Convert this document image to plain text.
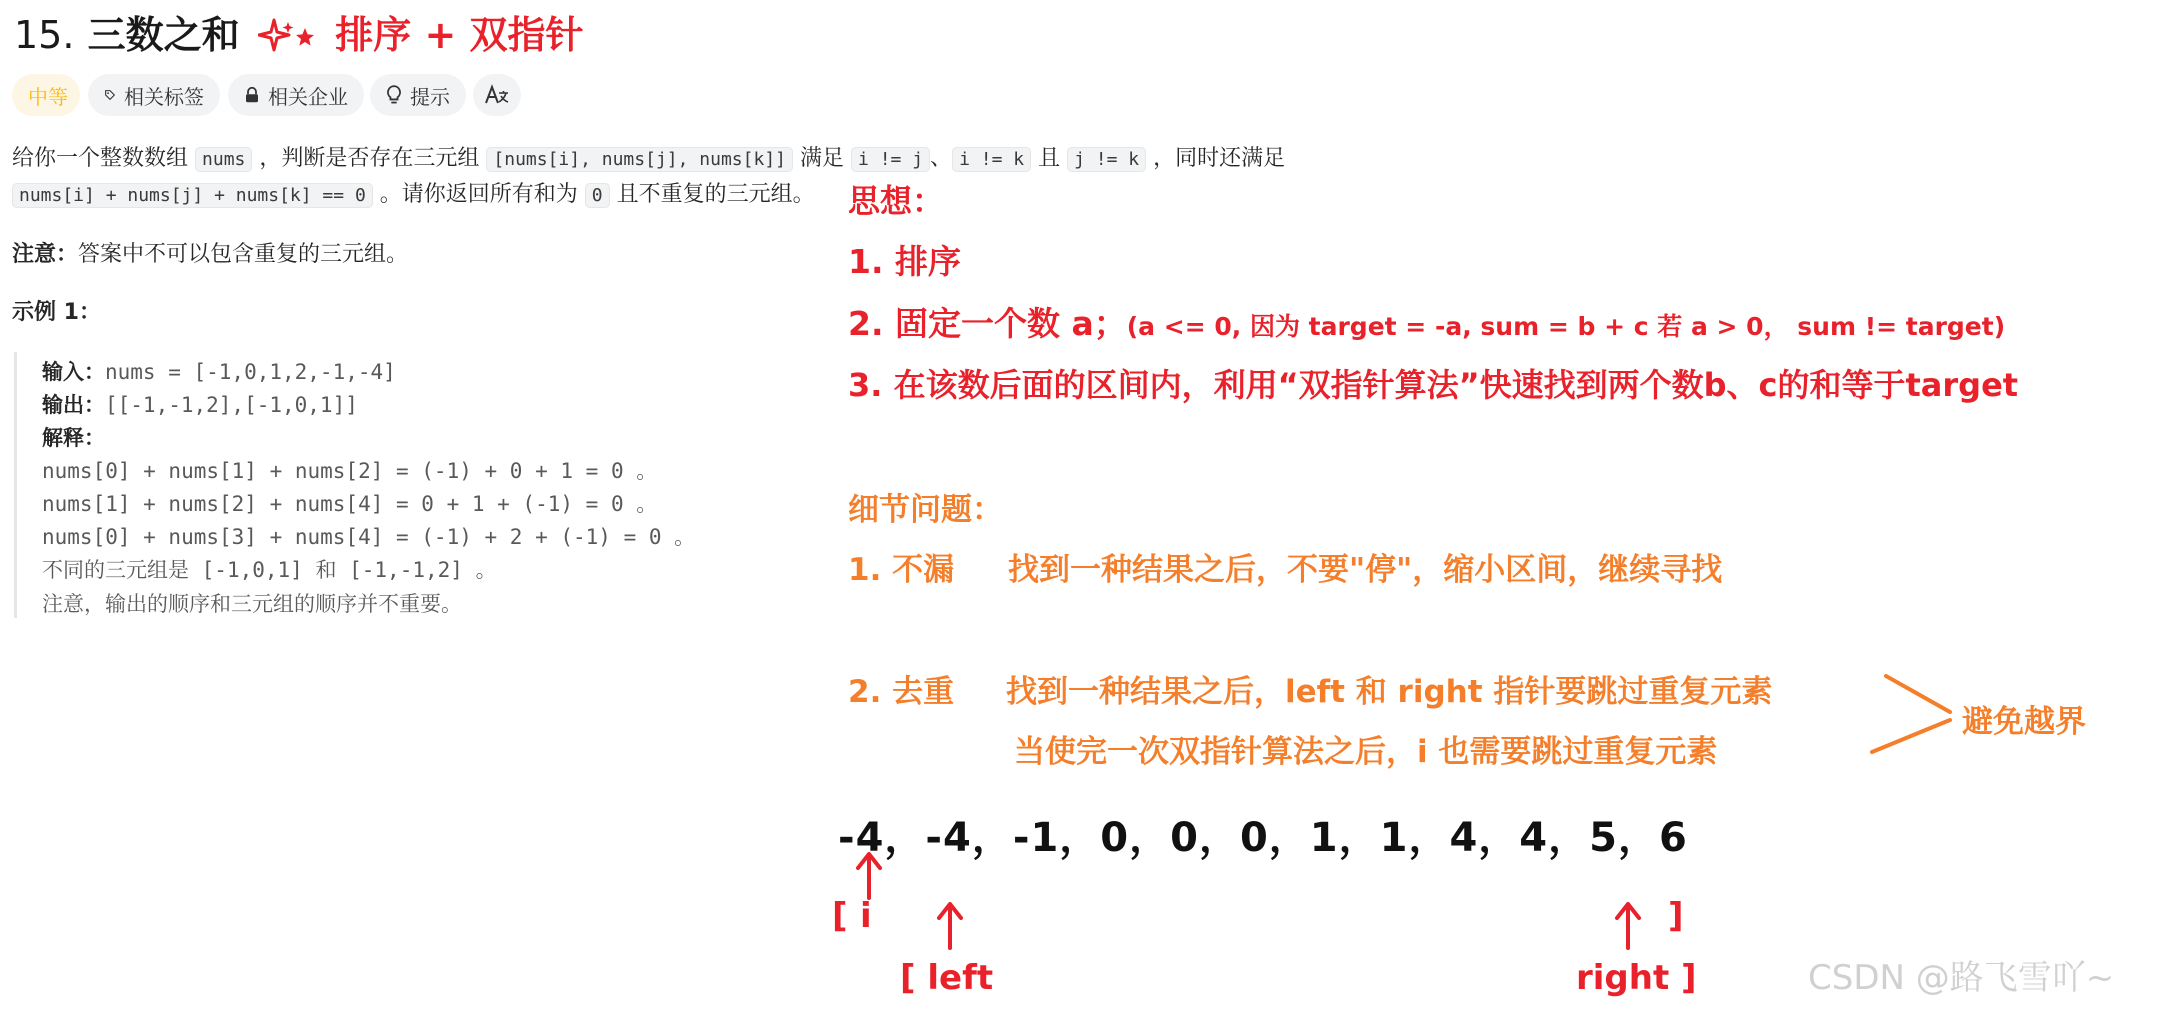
15. 三数之和	排序 + 双指针
中等	相关标签	相关企业	提示
给你一个整数数组 nums ，判断是否存在三元组 [nums[i], nums[j], nums[k]] 满足 i != j 、 i != k 且 j != k ，同时还满足
nums[i] + nums[j] + nums[k] == 0 。请你返回所有和为 0 且不重复的三元组。
注意：答案中不可以包含重复的三元组。
示例 1：
输入：nums = [-1,0,1,2,-1,-4]
输出：[[-1,-1,2],[-1,0,1]]
解释：
nums[0] + nums[1] + nums[2] = (-1) + 0 + 1 = 0 。
nums[1] + nums[2] + nums[4] = 0 + 1 + (-1) = 0 。
nums[0] + nums[3] + nums[4] = (-1) + 2 + (-1) = 0 。
不同的三元组是 [-1,0,1] 和 [-1,-1,2] 。
注意，输出的顺序和三元组的顺序并不重要。
思想：
1. 排序
2. 固定一个数 a；(a <= 0, 因为 target = -a, sum = b + c 若 a > 0， sum != target)
3. 在该数后面的区间内，利用“双指针算法”快速找到两个数b、c的和等于target
细节问题：
1. 不漏 找到一种结果之后，不要"停"，缩小区间，继续寻找
2. 去重 找到一种结果之后，left 和 right 指针要跳过重复元素
当使完一次双指针算法之后，i 也需要跳过重复元素
避免越界
-4，-4，-1，0，0，0，1，1，4，4，5，6
[ i	]
[ left	right ]	CSDN @路飞雪吖~
